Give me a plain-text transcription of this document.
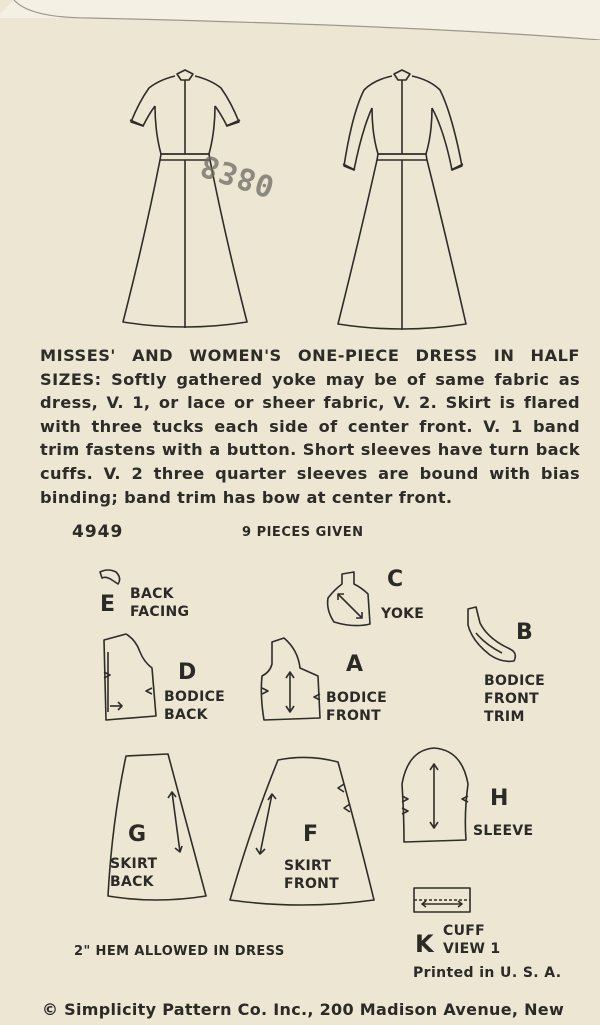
8380
MISSES' AND WOMEN'S ONE-PIECE DRESS IN HALF SIZES: Softly gathered yoke may be of same fabric as dress, V. 1, or lace or sheer fabric, V. 2. Skirt is flared with three tucks each side of center front. V. 1 band trim fastens with a button. Short sleeves have turn back cuffs. V. 2 three quarter sleeves are bound with bias binding; band trim has bow at center front.
4949	9 PIECES GIVEN
E BACK
FACING
C
YOKE
B
BODICE
FRONT
TRIM
D
BODICE
BACK
A
BODICE
FRONT
G
SKIRT
BACK
F
SKIRT
FRONT
H
SLEEVE
K CUFF
VIEW 1
2" HEM ALLOWED IN DRESS
Printed in U. S. A.
© Simplicity Pattern Co. Inc., 200 Madison Avenue, New
